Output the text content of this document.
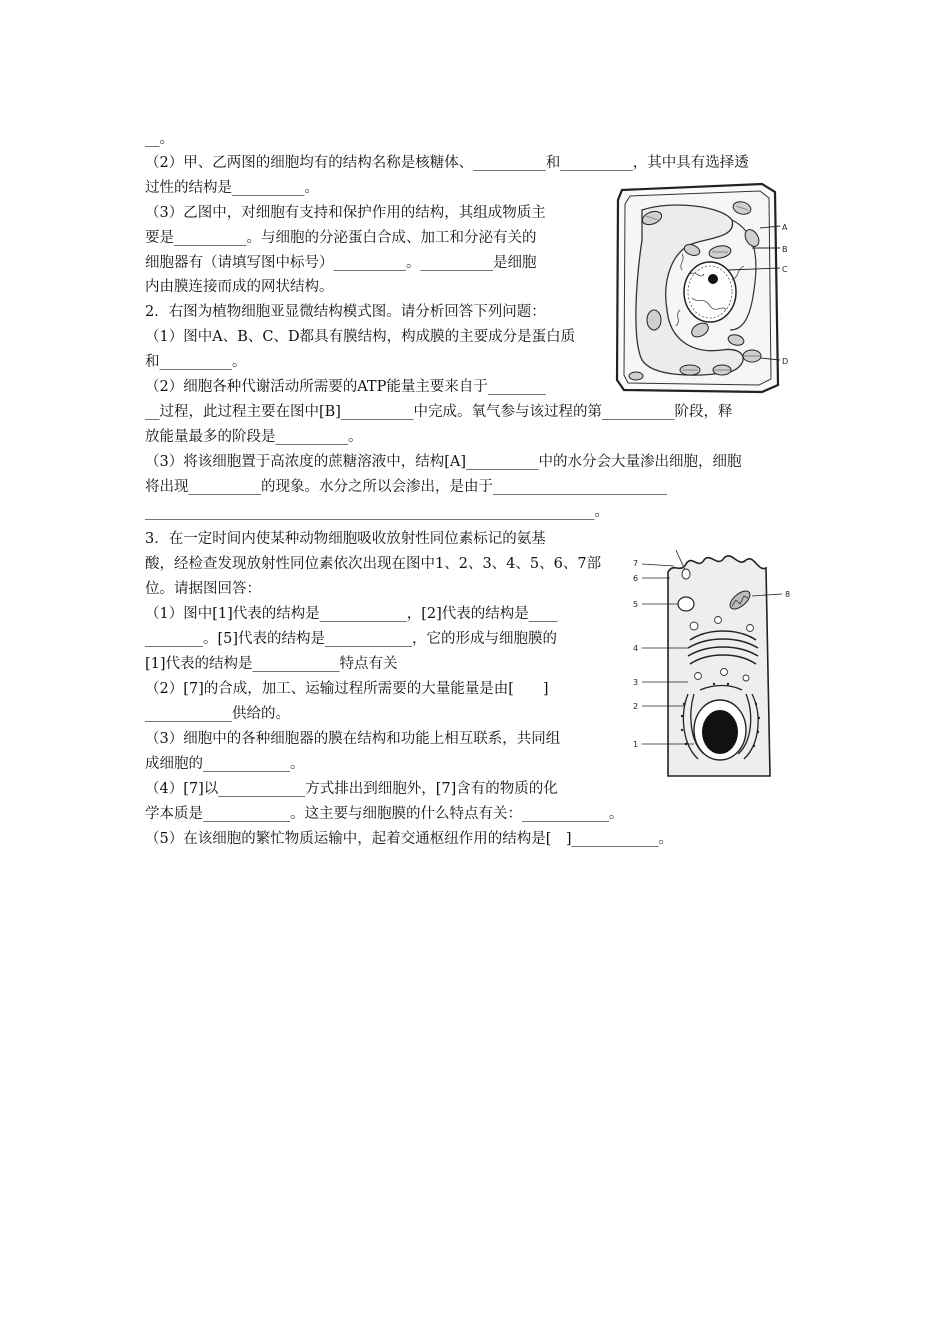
__。
（2）甲、乙两图的细胞均有的结构名称是核糖体、__________和__________，其中具有选择透
过性的结构是__________。
（3）乙图中，对细胞有支持和保护作用的结构，其组成物质主
要是__________。与细胞的分泌蛋白合成、加工和分泌有关的
细胞器有（请填写图中标号）__________。__________是细胞
内由膜连接而成的网状结构。
2．右图为植物细胞亚显微结构模式图。请分析回答下列问题：
（1）图中A、B、C、D都具有膜结构，构成膜的主要成分是蛋白质
和__________。
（2）细胞各种代谢活动所需要的ATP能量主要来自于________
__过程，此过程主要在图中[B]__________中完成。氧气参与该过程的第__________阶段，释
放能量最多的阶段是__________。
（3）将该细胞置于高浓度的蔗糖溶液中，结构[A]__________中的水分会大量渗出细胞，细胞
将出现__________的现象。水分之所以会渗出，是由于________________________
______________________________________________________________。
3．在一定时间内使某种动物细胞吸收放射性同位素标记的氨基
酸，经检查发现放射性同位素依次出现在图中1、2、3、4、5、6、7部
位。请据图回答：
（1）图中[1]代表的结构是____________，[2]代表的结构是____
________。[5]代表的结构是____________，它的形成与细胞膜的
[1]代表的结构是____________特点有关
（2）[7]的合成，加工、运输过程所需要的大量能量是由[　　]
____________供给的。
（3）细胞中的各种细胞器的膜在结构和功能上相互联系，共同组
成细胞的____________。
（4）[7]以____________方式排出到细胞外，[7]含有的物质的化
学本质是____________。这主要与细胞膜的什么特点有关：____________。
（5）在该细胞的繁忙物质运输中，起着交通枢纽作用的结构是[　]____________。
A
B
C
D
7
6
5
4
3
2
1
8
